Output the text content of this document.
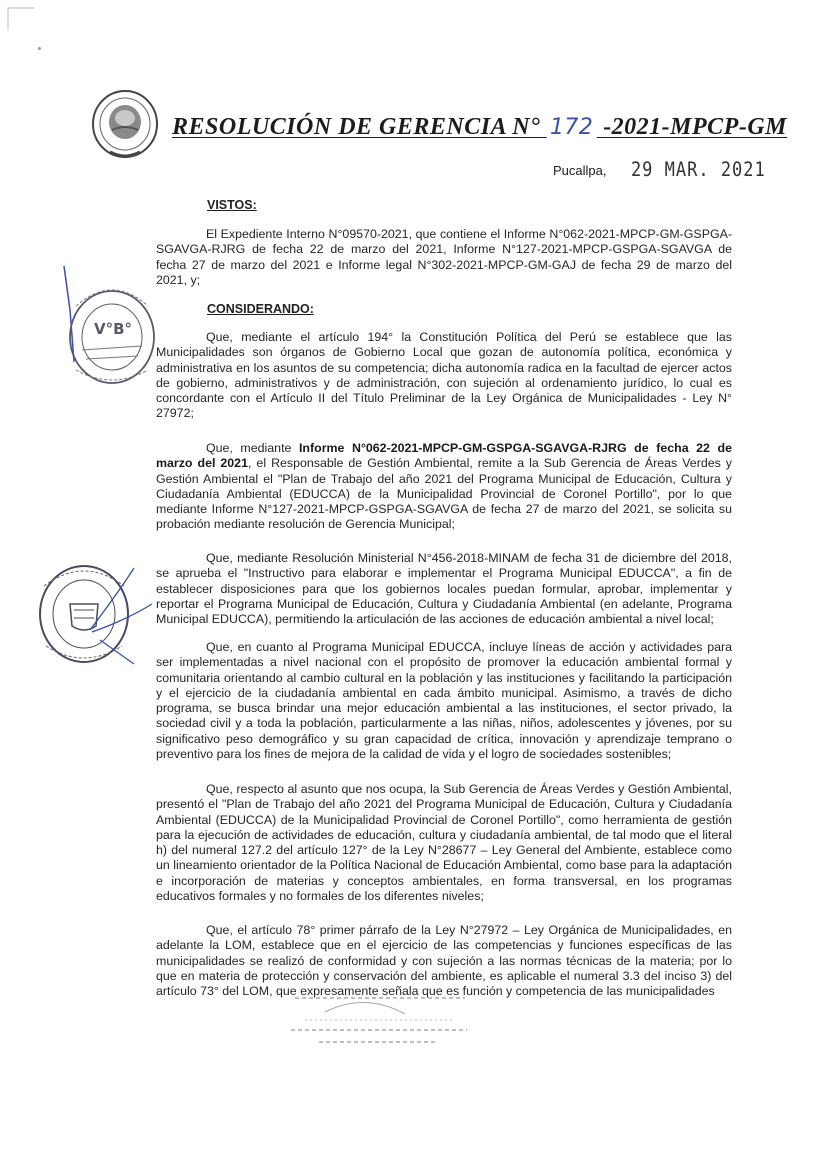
RESOLUCIÓN DE GERENCIA N° 172 -2021-MPCP-GM
Pucallpa, 29 MAR. 2021
V°B°
VISTOS:

El Expediente Interno N°09570-2021, que contiene el Informe N°062-2021-MPCP-GM-GSPGA-SGAVGA-RJRG de fecha 22 de marzo del 2021, Informe N°127-2021-MPCP-GSPGA-SGAVGA de fecha 27 de marzo del 2021 e Informe legal N°302-2021-MPCP-GM-GAJ de fecha 29 de marzo del 2021, y;

CONSIDERANDO:

Que, mediante el artículo 194° la Constitución Política del Perú se establece que las Municipalidades son órganos de Gobierno Local que gozan de autonomía política, económica y administrativa en los asuntos de su competencia; dicha autonomía radica en la facultad de ejercer actos de gobierno, administrativos y de administración, con sujeción al ordenamiento jurídico, lo cual es concordante con el Artículo II del Título Preliminar de la Ley Orgánica de Municipalidades - Ley N° 27972;

Que, mediante Informe N°062-2021-MPCP-GM-GSPGA-SGAVGA-RJRG de fecha 22 de marzo del 2021, el Responsable de Gestión Ambiental, remite a la Sub Gerencia de Áreas Verdes y Gestión Ambiental el "Plan de Trabajo del año 2021 del Programa Municipal de Educación, Cultura y Ciudadanía Ambiental (EDUCCA) de la Municipalidad Provincial de Coronel Portillo", por lo que mediante Informe N°127-2021-MPCP-GSPGA-SGAVGA de fecha 27 de marzo del 2021, se solicita su probación mediante resolución de Gerencia Municipal;

Que, mediante Resolución Ministerial N°456-2018-MINAM de fecha 31 de diciembre del 2018, se aprueba el "Instructivo para elaborar e implementar el Programa Municipal EDUCCA", a fin de establecer disposiciones para que los gobiernos locales puedan formular, aprobar, implementar y reportar el Programa Municipal de Educación, Cultura y Ciudadanía Ambiental (en adelante, Programa Municipal EDUCCA), permitiendo la articulación de las acciones de educación ambiental a nivel local;

Que, en cuanto al Programa Municipal EDUCCA, incluye líneas de acción y actividades para ser implementadas a nivel nacional con el propósito de promover la educación ambiental formal y comunitaria orientando al cambio cultural en la población y las instituciones y facilitando la participación y el ejercicio de la ciudadanía ambiental en cada ámbito municipal. Asimismo, a través de dicho programa, se busca brindar una mejor educación ambiental a las instituciones, el sector privado, la sociedad civil y a toda la población, particularmente a las niñas, niños, adolescentes y jóvenes, por su significativo peso demográfico y su gran capacidad de crítica, innovación y aprendizaje temprano o preventivo para los fines de mejora de la calidad de vida y el logro de sociedades sostenibles;

Que, respecto al asunto que nos ocupa, la Sub Gerencia de Áreas Verdes y Gestión Ambiental, presentó el "Plan de Trabajo del año 2021 del Programa Municipal de Educación, Cultura y Ciudadanía Ambiental (EDUCCA) de la Municipalidad Provincial de Coronel Portillo", como herramienta de gestión para la ejecución de actividades de educación, cultura y ciudadanía ambiental, de tal modo que el literal h) del numeral 127.2 del artículo 127° de la Ley N°28677 – Ley General del Ambiente, establece como un lineamiento orientador de la Política Nacional de Educación Ambiental, como base para la adaptación e incorporación de materias y conceptos ambientales, en forma transversal, en los programas educativos formales y no formales de los diferentes niveles;

Que, el artículo 78° primer párrafo de la Ley N°27972 – Ley Orgánica de Municipalidades, en adelante la LOM, establece que en el ejercicio de las competencias y funciones específicas de las municipalidades se realizó de conformidad y con sujeción a las normas técnicas de la materia; por lo que en materia de protección y conservación del ambiente, es aplicable el numeral 3.3 del inciso 3) del artículo 73° del LOM, que expresamente señala que es función y competencia de las municipalidades
